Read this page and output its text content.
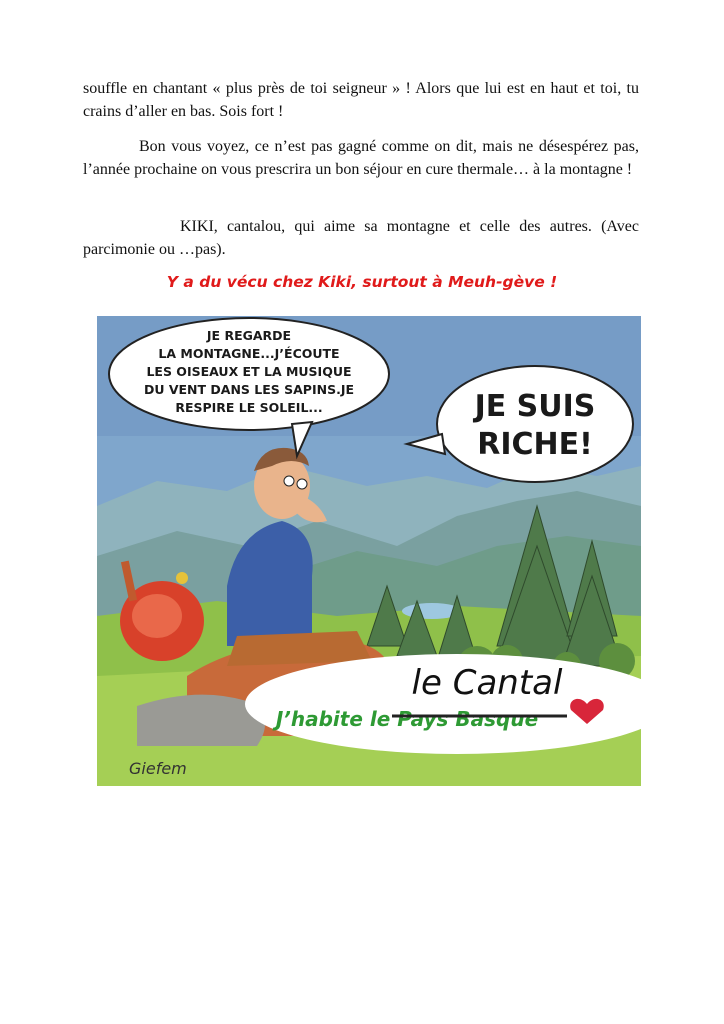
souffle en chantant « plus près de toi seigneur » ! Alors que lui est en haut et toi, tu crains d’aller en bas. Sois fort !

Bon vous voyez, ce n’est pas gagné comme on dit, mais ne désespérez pas, l’année prochaine on vous prescrira un bon séjour en cure thermale… à la montagne !

KIKI, cantalou, qui aime sa montagne et celle des autres. (Avec parcimonie ou …pas).

Y a du vécu chez Kiki, surtout à Meuh-gève !

JE REGARDE
LA MONTAGNE...J’ÉCOUTE
LES OISEAUX ET LA MUSIQUE
DU VENT DANS LES SAPINS.JE
RESPIRE LE SOLEIL...	JE SUIS
RICHE!
le Cantal
J’habite le Pays Basque
Giefem
